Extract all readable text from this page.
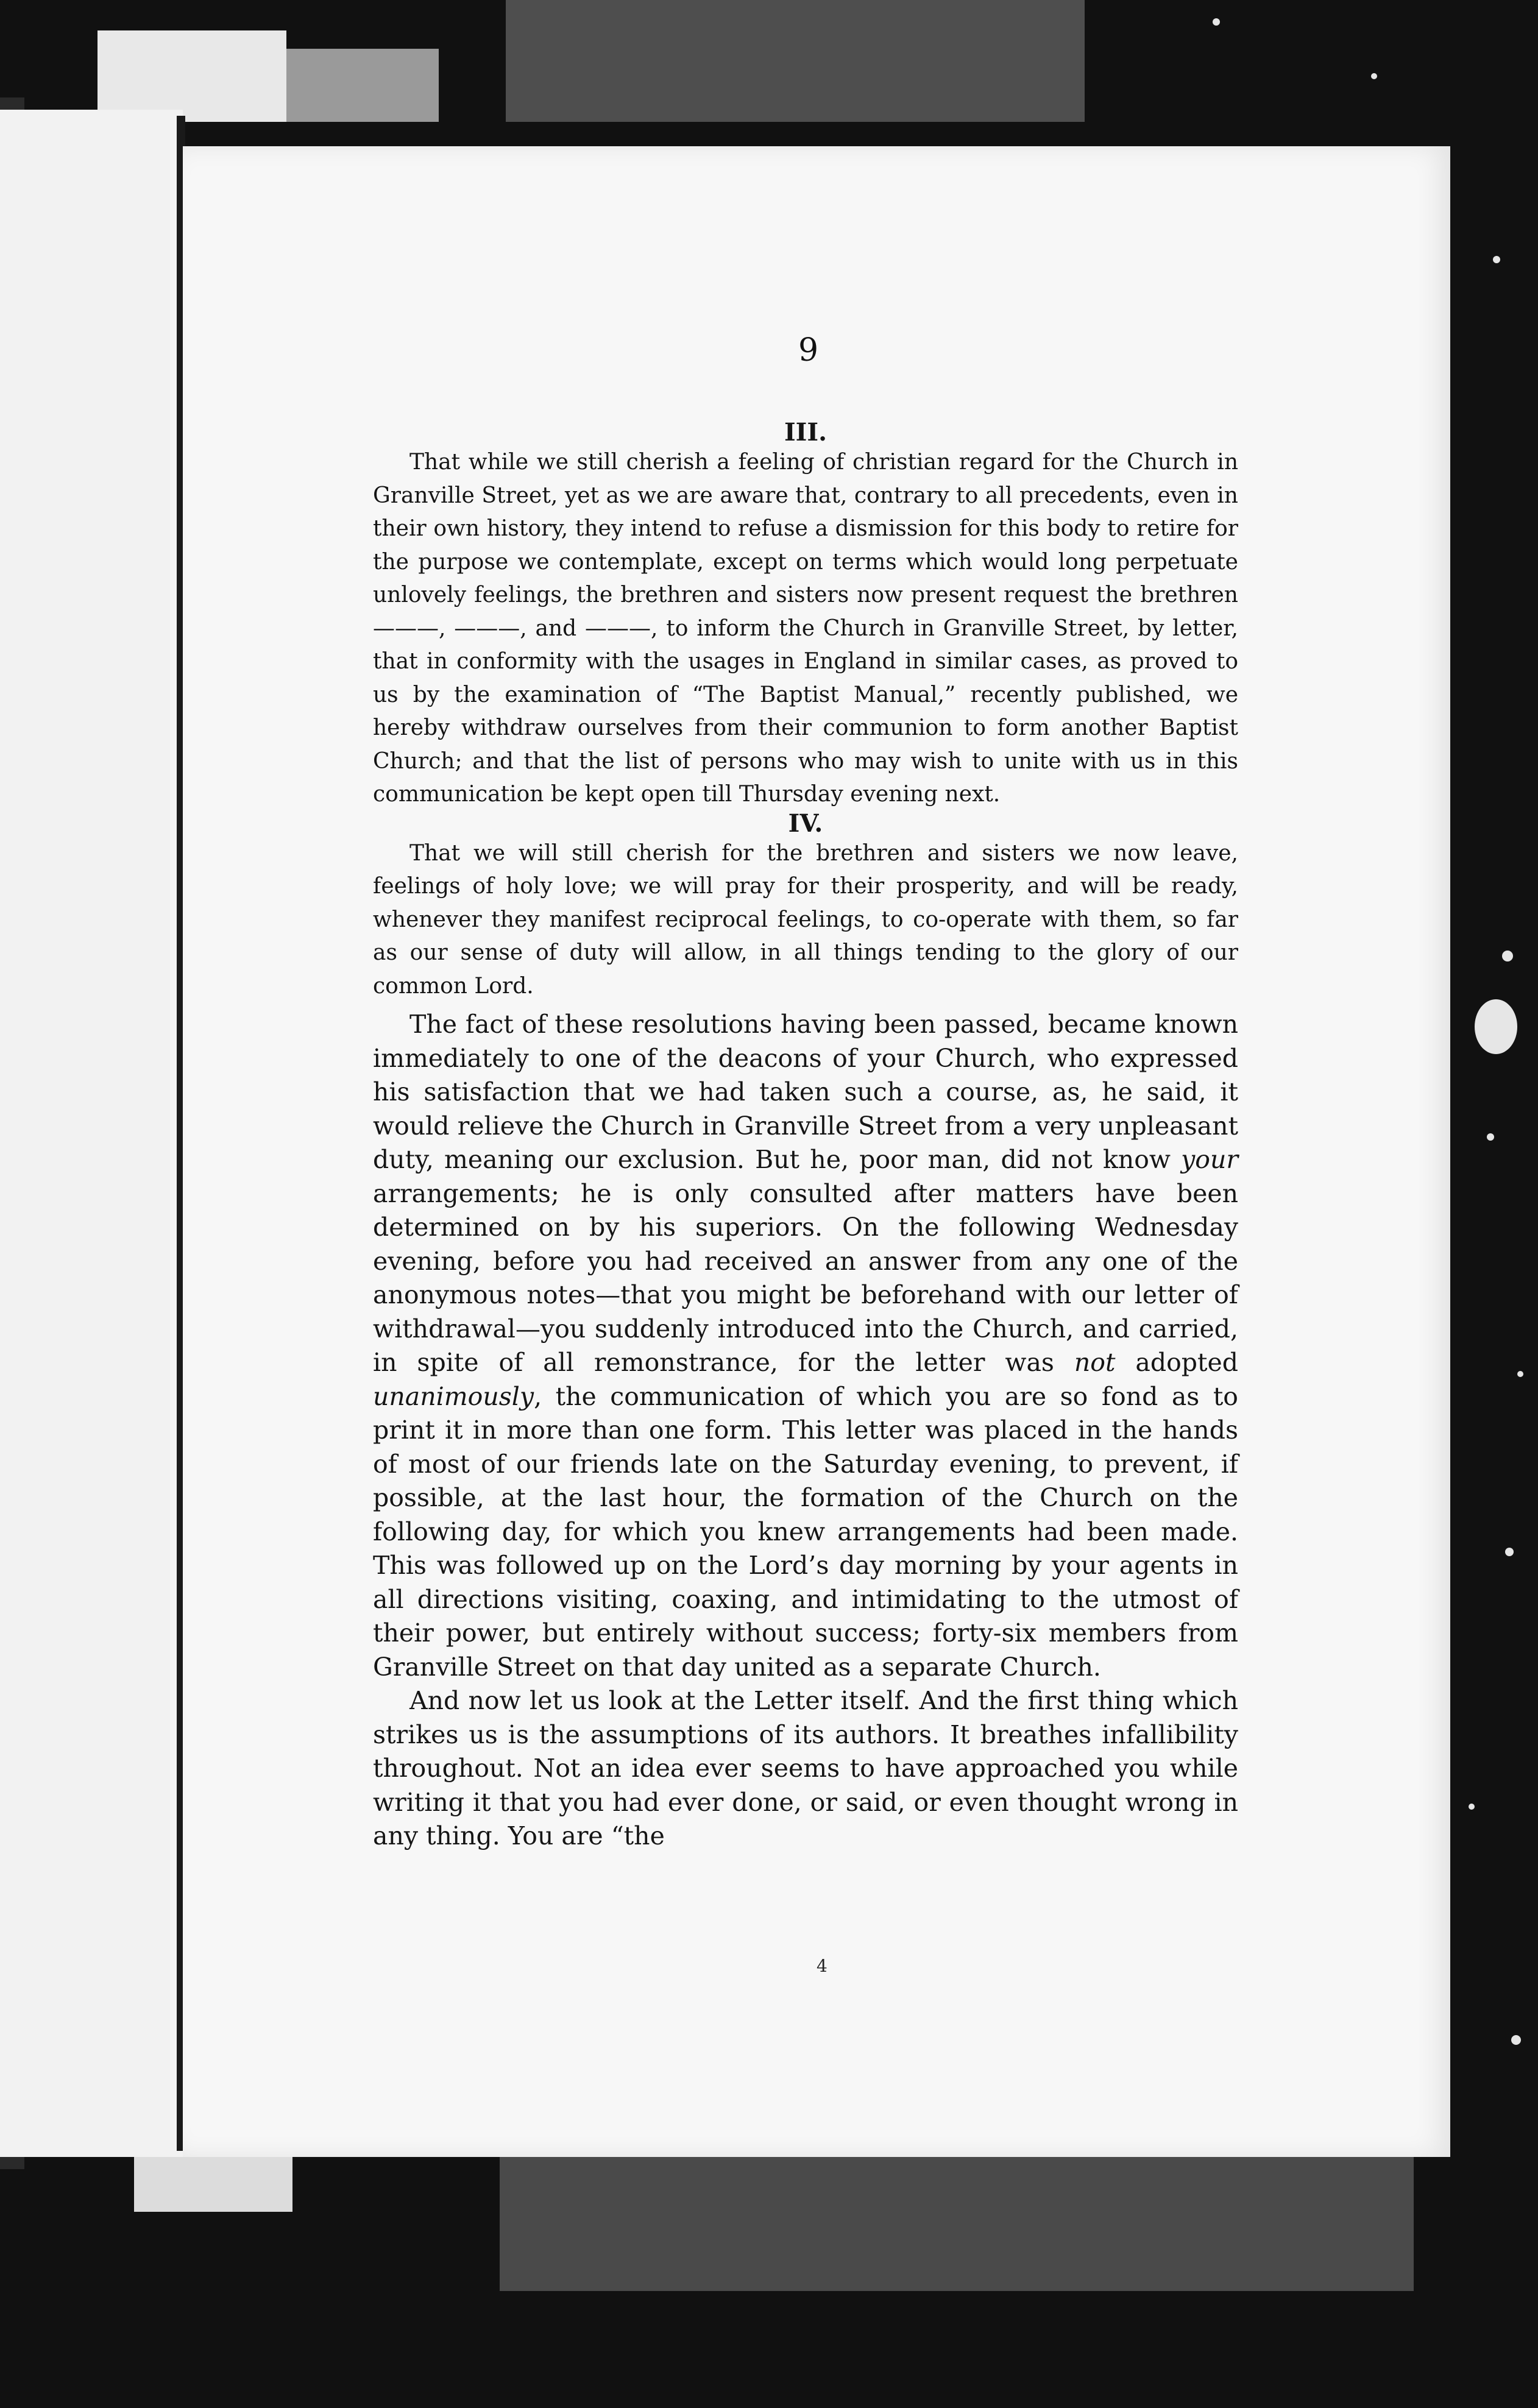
9
III.

That while we still cherish a feeling of christian regard for the Church in Granville Street, yet as we are aware that, contrary to all precedents, even in their own history, they intend to refuse a dismission for this body to retire for the purpose we contemplate, except on terms which would long perpetuate unlovely feelings, the brethren and sisters now present request the brethren ———, ———, and ———, to inform the Church in Granville Street, by letter, that in conformity with the usages in England in similar cases, as proved to us by the examination of “The Baptist Manual,” recently published, we hereby withdraw ourselves from their communion to form another Baptist Church; and that the list of persons who may wish to unite with us in this communication be kept open till Thursday evening next.

IV.

That we will still cherish for the brethren and sisters we now leave, feelings of holy love; we will pray for their prosperity, and will be ready, whenever they manifest reciprocal feelings, to co-operate with them, so far as our sense of duty will allow, in all things tending to the glory of our common Lord.

The fact of these resolutions having been passed, became known immediately to one of the deacons of your Church, who expressed his satisfaction that we had taken such a course, as, he said, it would relieve the Church in Granville Street from a very unpleasant duty, meaning our exclusion. But he, poor man, did not know your arrangements; he is only consulted after matters have been determined on by his superiors. On the following Wednesday evening, before you had received an answer from any one of the anonymous notes—that you might be beforehand with our letter of withdrawal—you suddenly introduced into the Church, and carried, in spite of all remonstrance, for the letter was not adopted unanimously, the communication of which you are so fond as to print it in more than one form. This letter was placed in the hands of most of our friends late on the Saturday evening, to prevent, if possible, at the last hour, the formation of the Church on the following day, for which you knew arrangements had been made. This was followed up on the Lord’s day morning by your agents in all directions visiting, coaxing, and intimidating to the utmost of their power, but entirely without success; forty-six members from Granville Street on that day united as a separate Church.

And now let us look at the Letter itself. And the first thing which strikes us is the assumptions of its authors. It breathes infallibility throughout. Not an idea ever seems to have approached you while writing it that you had ever done, or said, or even thought wrong in any thing. You are “the

4
